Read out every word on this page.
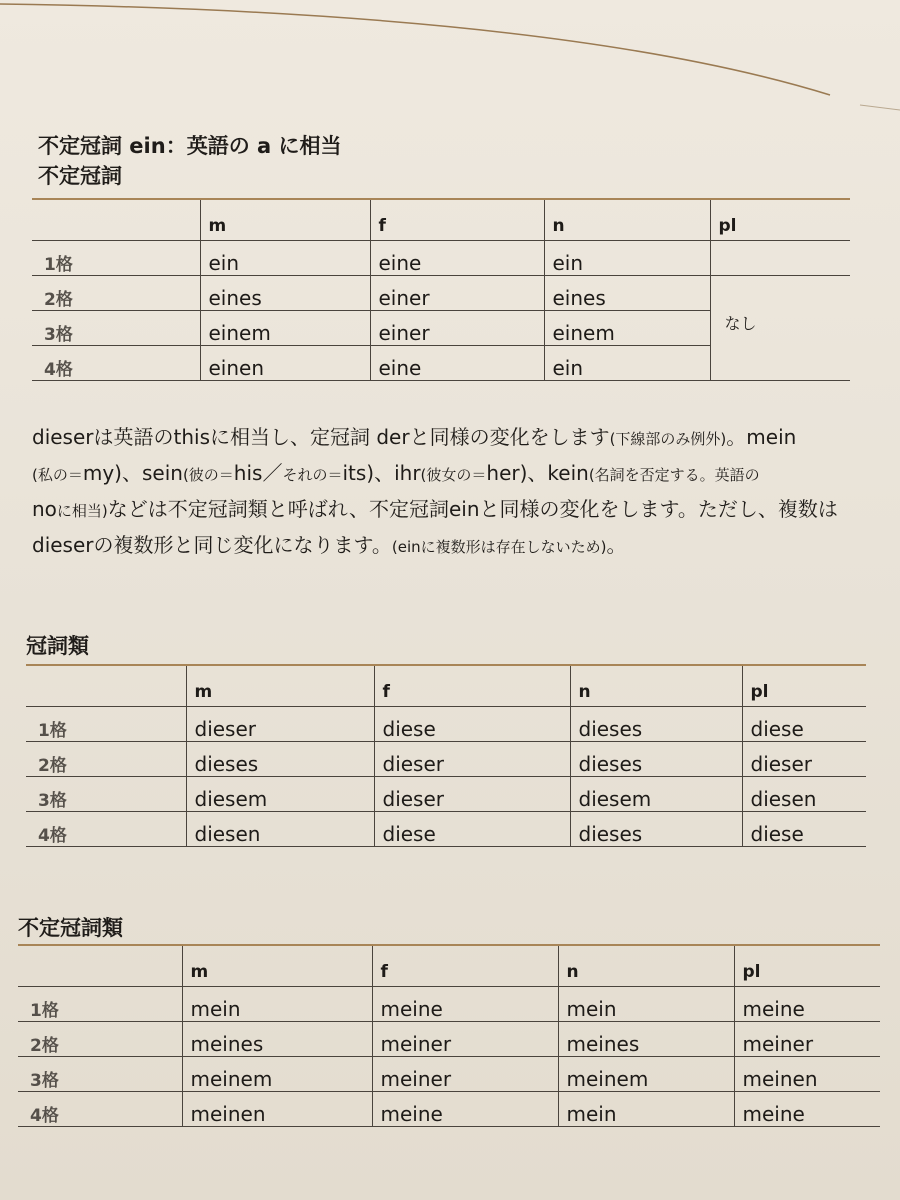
不定冠詞 ein：英語の a に相当
不定冠詞
	m	f	n	pl
1格	ein	eine	ein	
2格	eines	einer	eines	
3格	einem	einer	einem	なし
4格	einen	eine	ein	
dieserは英語のthisに相当し、定冠詞 derと同様の変化をします(下線部のみ例外)。mein
(私の＝my)、sein(彼の＝his／それの＝its)、ihr(彼女の＝her)、kein(名詞を否定する。英語の
noに相当)などは不定冠詞類と呼ばれ、不定冠詞einと同様の変化をします。ただし、複数はdieserの複数形と同じ変化になります。(einに複数形は存在しないため)。
冠詞類
	m	f	n	pl
1格	dieser	diese	dieses	diese
2格	dieses	dieser	dieses	dieser
3格	diesem	dieser	diesem	diesen
4格	diesen	diese	dieses	diese
不定冠詞類
	m	f	n	pl
1格	mein	meine	mein	meine
2格	meines	meiner	meines	meiner
3格	meinem	meiner	meinem	meinen
4格	meinen	meine	mein	meine
